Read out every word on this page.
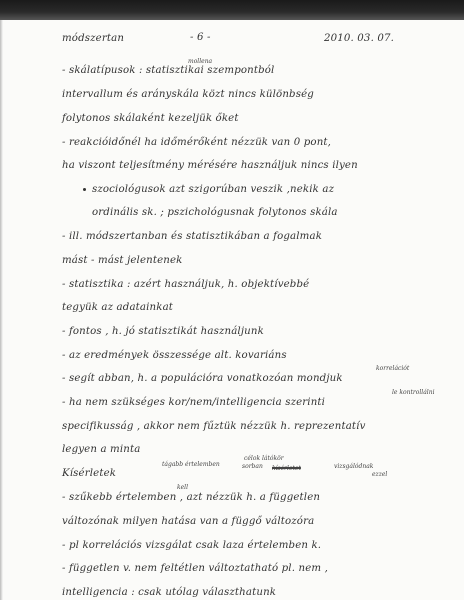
módszertan	- 6 -	2010. 03. 07.
mollena
- skálatípusok : statisztikai szempontból
intervallum és arányskála közt nincs különbség
folytonos skálaként kezeljük őket
- reakcióidőnél ha időmérőként nézzük van 0 pont,
ha viszont teljesítmény mérésére használjuk nincs ilyen
szociológusok azt szigorúban veszik ,nekik az
ordinális sk. ; pszichológusnak folytonos skála
- ill. módszertanban és statisztikában a fogalmak
mást - mást jelentenek
- statisztika : azért használjuk, h. objektívebbé
tegyük az adatainkat
- fontos , h. jó statisztikát használjunk
- az eredmények összessége alt. kovariáns
korrelációt
- segít abban, h. a populációra vonatkozóan mondjuk
le kontrollálni
- ha nem szükséges kor/nem/intelligencia szerinti
specifikusság , akkor nem fűztük nézzük h. reprezentatív
legyen a minta
tágabb értelemben
célok látókör
sorban kísérletet	vizsgálódnak
ezzel
Kísérletek
kell
- szűkebb értelemben , azt nézzük h. a független
változónak milyen hatása van a függő változóra
- pl korrelációs vizsgálat csak laza értelemben k.
- független v. nem feltétlen változtatható pl. nem ,
intelligencia : csak utólag választhatunk
